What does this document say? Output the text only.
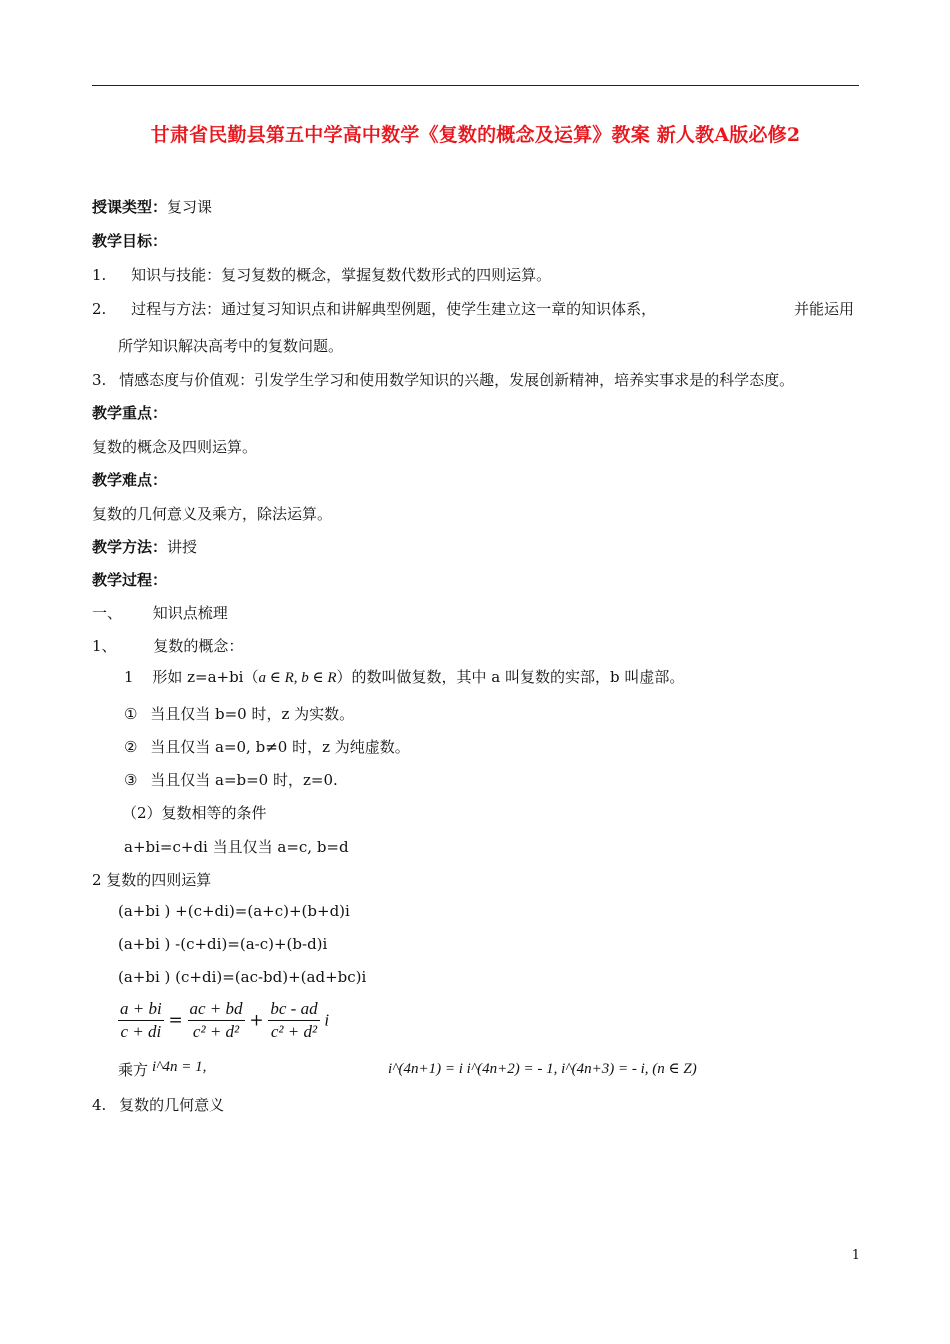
甘肃省民勤县第五中学高中数学《复数的概念及运算》教案 新人教A版必修2
授课类型：复习课
教学目标：
1. 知识与技能：复习复数的概念，掌握复数代数形式的四则运算。
2. 过程与方法：通过复习知识点和讲解典型例题，使学生建立这一章的知识体系，	并能运用
所学知识解决高考中的复数问题。
3. 情感态度与价值观：引发学生学习和使用数学知识的兴趣，发展创新精神，培养实事求是的科学态度。
教学重点：
复数的概念及四则运算。
教学难点：
复数的几何意义及乘方，除法运算。
教学方法：讲授
教学过程：
一、 知识点梳理
1、 复数的概念：
1 形如 z=a+bi（a ∈ R, b ∈ R）的数叫做复数，其中 a 叫复数的实部，b 叫虚部。
① 当且仅当 b=0 时，z 为实数。
② 当且仅当 a=0, b≠0 时，z 为纯虚数。
③ 当且仅当 a=b=0 时，z=0.
（2）复数相等的条件
a+bi=c+di 当且仅当 a=c, b=d
2 复数的四则运算
(a+bi ) +(c+di)=(a+c)+(b+d)i
(a+bi ) -(c+di)=(a-c)+(b-d)i
(a+bi ) (c+di)=(ac-bd)+(ad+bc)i
$\frac{a + bi}{c + di} = \frac{ac + bd}{\text{c² + d²}} + \frac{bc - ad}{\text{c² + d²}}$ i
乘方 i^4n = 1,	i^(4n+1) = i i^(4n+2) = - 1, i^(4n+3) = - i, (n ∈ Z)
4. 复数的几何意义
1
